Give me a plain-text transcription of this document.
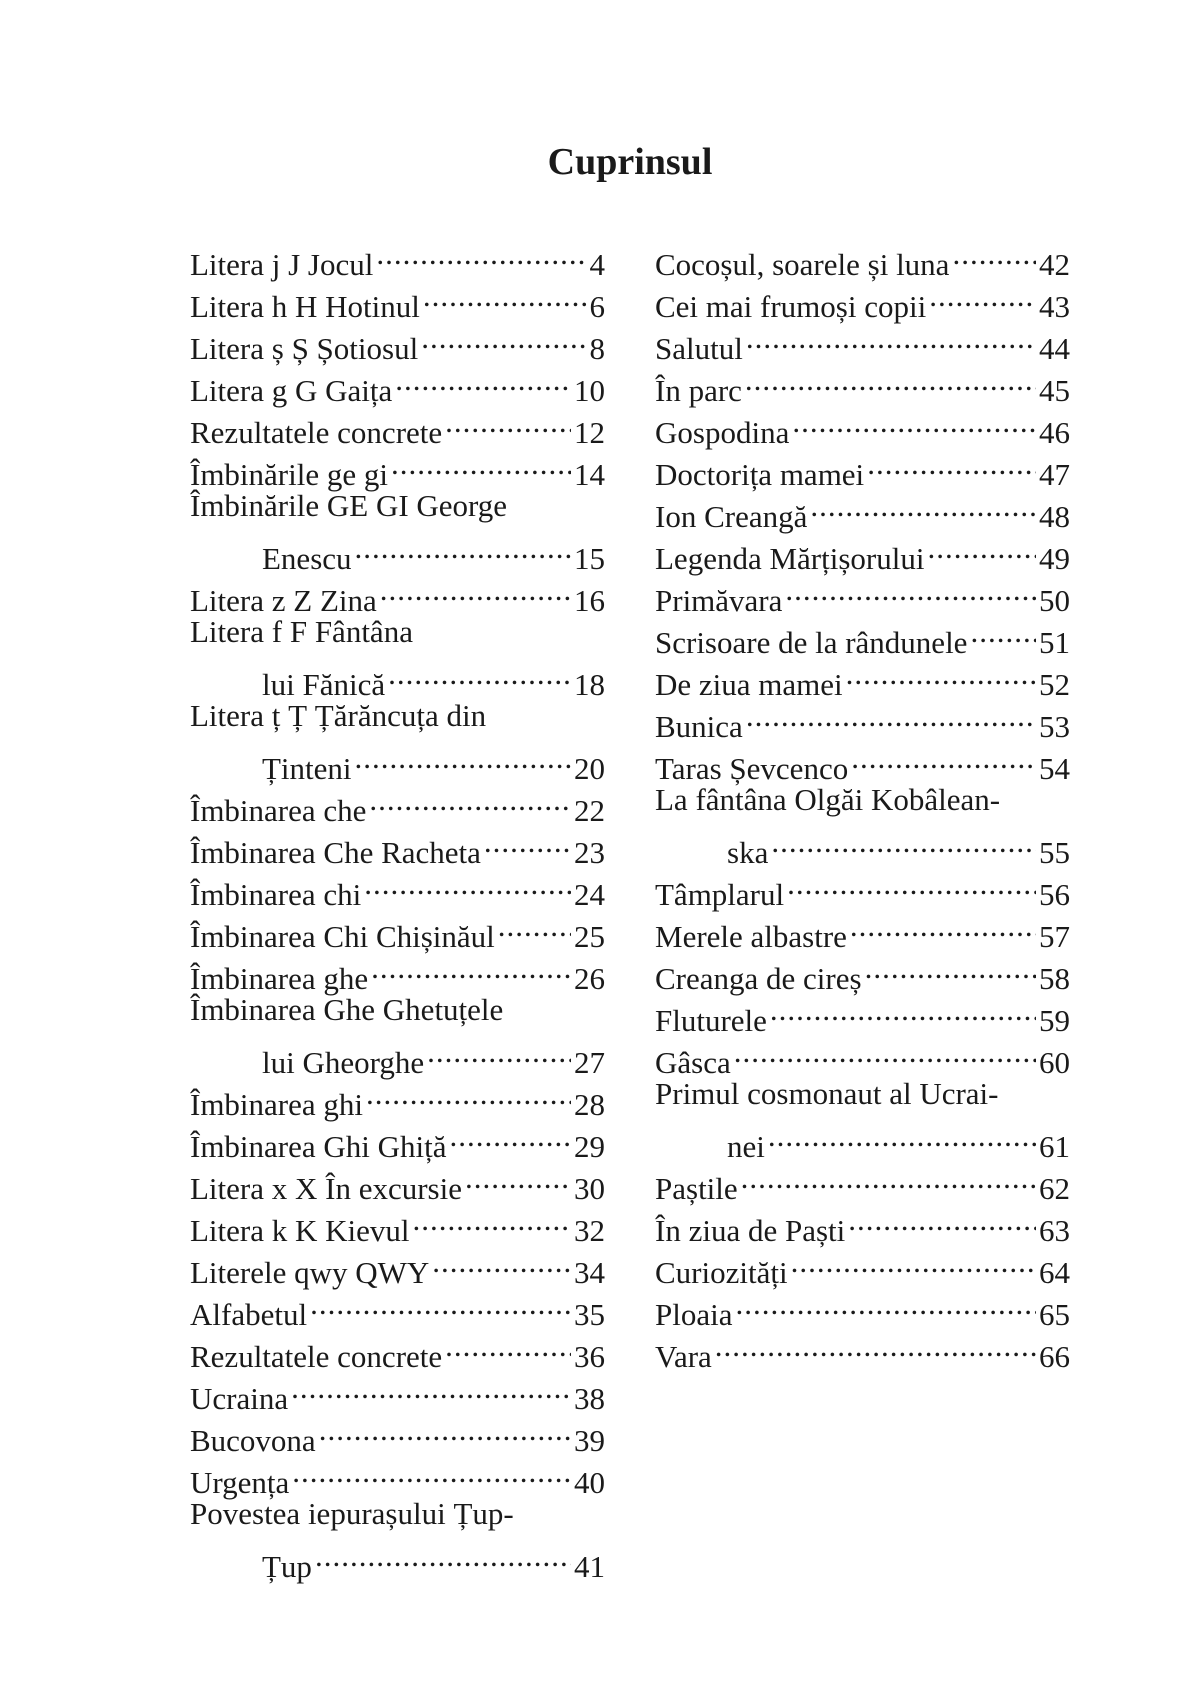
Cuprinsul
Litera j J Jocul .....	4
Litera h H Hotinul .....	6
Litera ș Ș Șotiosul .....	8
Litera g G Gaița .....	10
Rezultatele concrete .....	12
Îmbinările ge gi .....	14
Îmbinările GE GI George
Enescu .....	15
Litera z Z Zina .....	16
Litera f F Fântâna
lui Fănică .....	18
Litera ț Ț Țărăncuța din
Țintenі .....	20
Îmbinarea che .....	22
Îmbinarea Che Racheta .....	23
Îmbinarea chi .....	24
Îmbinarea Chi Chișinăul .....	25
Îmbinarea ghe .....	26
Îmbinarea Ghe Ghetuțele
lui Gheorghe .....	27
Îmbinarea ghi .....	28
Îmbinarea Ghi Ghiță .....	29
Litera x X În excursie .....	30
Litera k K Kievul .....	32
Literele qwy QWY .....	34
Alfabetul .....	35
Rezultatele concrete .....	36
Ucraina .....	38
Bucovona .....	39
Urgența .....	40
Povestea iepurașului Țup-
Țup .....	41
Cocoșul, soarele și luna .....	42
Cei mai frumoși copii .....	43
Salutul .....	44
În parc .....	45
Gospodina .....	46
Doctorița mamei .....	47
Ion Creangă .....	48
Legenda Mărțișorului .....	49
Primăvara .....	50
Scrisoare de la rândunele ..... 51
De ziua mamei .....	52
Bunica .....	53
Taras Șevcenco .....	54
La fântâna Olgăi Kobâlean-
ska .....	55
Tâmplarul .....	56
Merele albastre .....	57
Creanga de cireș .....	58
Fluturele .....	59
Gâsca .....	60
Primul cosmonaut al Ucrai-
nei .....	61
Paștile .....	62
În ziua de Paști .....	63
Curiozități .....	64
Ploaia .....	65
Vara .....	66
